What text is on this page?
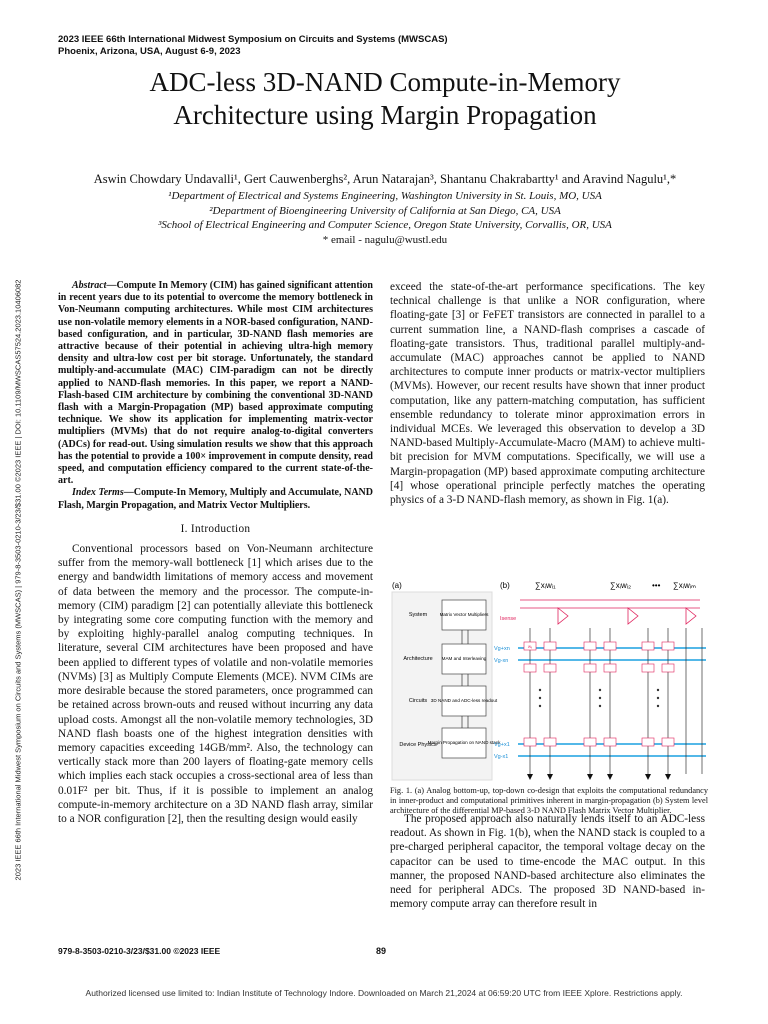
2023 IEEE 66th International Midwest Symposium on Circuits and Systems (MWSCAS)
Phoenix, Arizona, USA, August 6-9, 2023
2023 IEEE 66th International Midwest Symposium on Circuits and Systems (MWSCAS) | 979-8-3503-0210-3/23/$31.00 ©2023 IEEE | DOI: 10.1109/MWSCAS57524.2023.10406082
ADC-less 3D-NAND Compute-in-Memory
Architecture using Margin Propagation
Aswin Chowdary Undavalli¹, Gert Cauwenberghs², Arun Natarajan³, Shantanu Chakrabartty¹ and Aravind Nagulu¹,*
¹Department of Electrical and Systems Engineering, Washington University in St. Louis, MO, USA
²Department of Bioengineering University of California at San Diego, CA, USA
³School of Electrical Engineering and Computer Science, Oregon State University, Corvallis, OR, USA
* email - nagulu@wustl.edu

Abstract—Compute In Memory (CIM) has gained significant attention in recent years due to its potential to overcome the memory bottleneck in Von-Neumann computing architectures. While most CIM architectures use non-volatile memory elements in a NOR-based configuration, NAND-based configuration, and in particular, 3D-NAND flash memories are attractive because of their potential in achieving ultra-high memory density and ultra-low cost per bit storage. Unfortunately, the standard multiply-and-accumulate (MAC) CIM-paradigm can not be directly applied to NAND-flash memories. In this paper, we report a NAND-Flash-based CIM architecture by combining the conventional 3D-NAND flash with a Margin-Propagation (MP) based approximate computing technique. We show its application for implementing matrix-vector multipliers (MVMs) that do not require analog-to-digital converters (ADCs) for read-out. Using simulation results we show that this approach has the potential to provide a 100× improvement in compute density, read speed, and computation efficiency compared to the current state-of-the-art.

Index Terms—Compute-In Memory, Multiply and Accumulate, NAND Flash, Margin Propagation, and Matrix Vector Multipliers.

I. Introduction

Conventional processors based on Von-Neumann architecture suffer from the memory-wall bottleneck [1] which arises due to the energy and bandwidth limitations of memory access and movement of data between the memory and the processor. The compute-in-memory (CIM) paradigm [2] can potentially alleviate this bottleneck by integrating some core computing function with the memory and by exploiting highly-parallel analog computing techniques. In literature, several CIM architectures have been proposed and have been applied to different types of volatile and non-volatile memories (NVMs) [3] as Multiply Compute Elements (MCE). NVM CIMs are more desirable because the stored parameters, once programmed can be retained across brown-outs and reused without incurring any data upload costs. Amongst all the non-volatile memory technologies, 3D NAND flash boasts one of the highest integration densities with memory capacities exceeding 14GB/mm². Also, the technology can vertically stack more than 200 layers of floating-gate memory cells which implies each stack occupies a cross-sectional area of less than 0.01F² per bit. Thus, if it is possible to implement an analog compute-in-memory architecture on a 3D NAND flash array, similar to a NOR configuration [2], then the resulting design would easily

exceed the state-of-the-art performance specifications. The key technical challenge is that unlike a NOR configuration, where floating-gate [3] or FeFET transistors are connected in parallel to a current summation line, a NAND-flash comprises a cascade of floating-gate transistors. Thus, traditional parallel multiply-and-accumulate (MAC) approaches cannot be applied to NAND architectures to compute inner products or matrix-vector multipliers (MVMs). However, our recent results have shown that inner product computation, like any pattern-matching computation, has sufficient ensemble redundancy to tolerate minor approximation errors in individual MCEs. We leveraged this observation to develop a 3D NAND-based Multiply-Accumulate-Macro (MAM) to achieve multi-bit precision for MVM computations. Specifically, we will use a Margin-propagation (MP) based approximate computing architecture [4] whose operational principle perfectly matches the operating physics of a 3-D NAND-flash memory, as shown in Fig. 1(a).

(a)	(b)
System	Matrix Vector Multipliers
Architecture MAM and Interleaving
Circuits 3D NAND and ADC-less readout
Device Physics
Margin Propagation on NAND stack
∑xᵢwᵢ₁	∑xᵢwᵢ₂	••• ∑xᵢwᵢₘ
Isense
Vg+xn
Vg-xn
Vg+x1
Vg-x1
Wᵢⱼ
Fig. 1. (a) Analog bottom-up, top-down co-design that exploits the computational redundancy in inner-product and computational primitives inherent in margin-propagation (b) System level architecture of the differential MP-based 3-D NAND Flash Matrix Vector Multiplier.

The proposed approach also naturally lends itself to an ADC-less readout. As shown in Fig. 1(b), when the NAND stack is coupled to a pre-charged peripheral capacitor, the temporal voltage decay on the capacitor can be used to time-encode the MAC output. In this manner, the proposed NAND-based architecture also eliminates the need for peripheral ADCs. The proposed 3D NAND-based in-memory compute array can therefore result in

979-8-3503-0210-3/23/$31.00 ©2023 IEEE	89
Authorized licensed use limited to: Indian Institute of Technology Indore. Downloaded on March 21,2024 at 06:59:20 UTC from IEEE Xplore. Restrictions apply.
